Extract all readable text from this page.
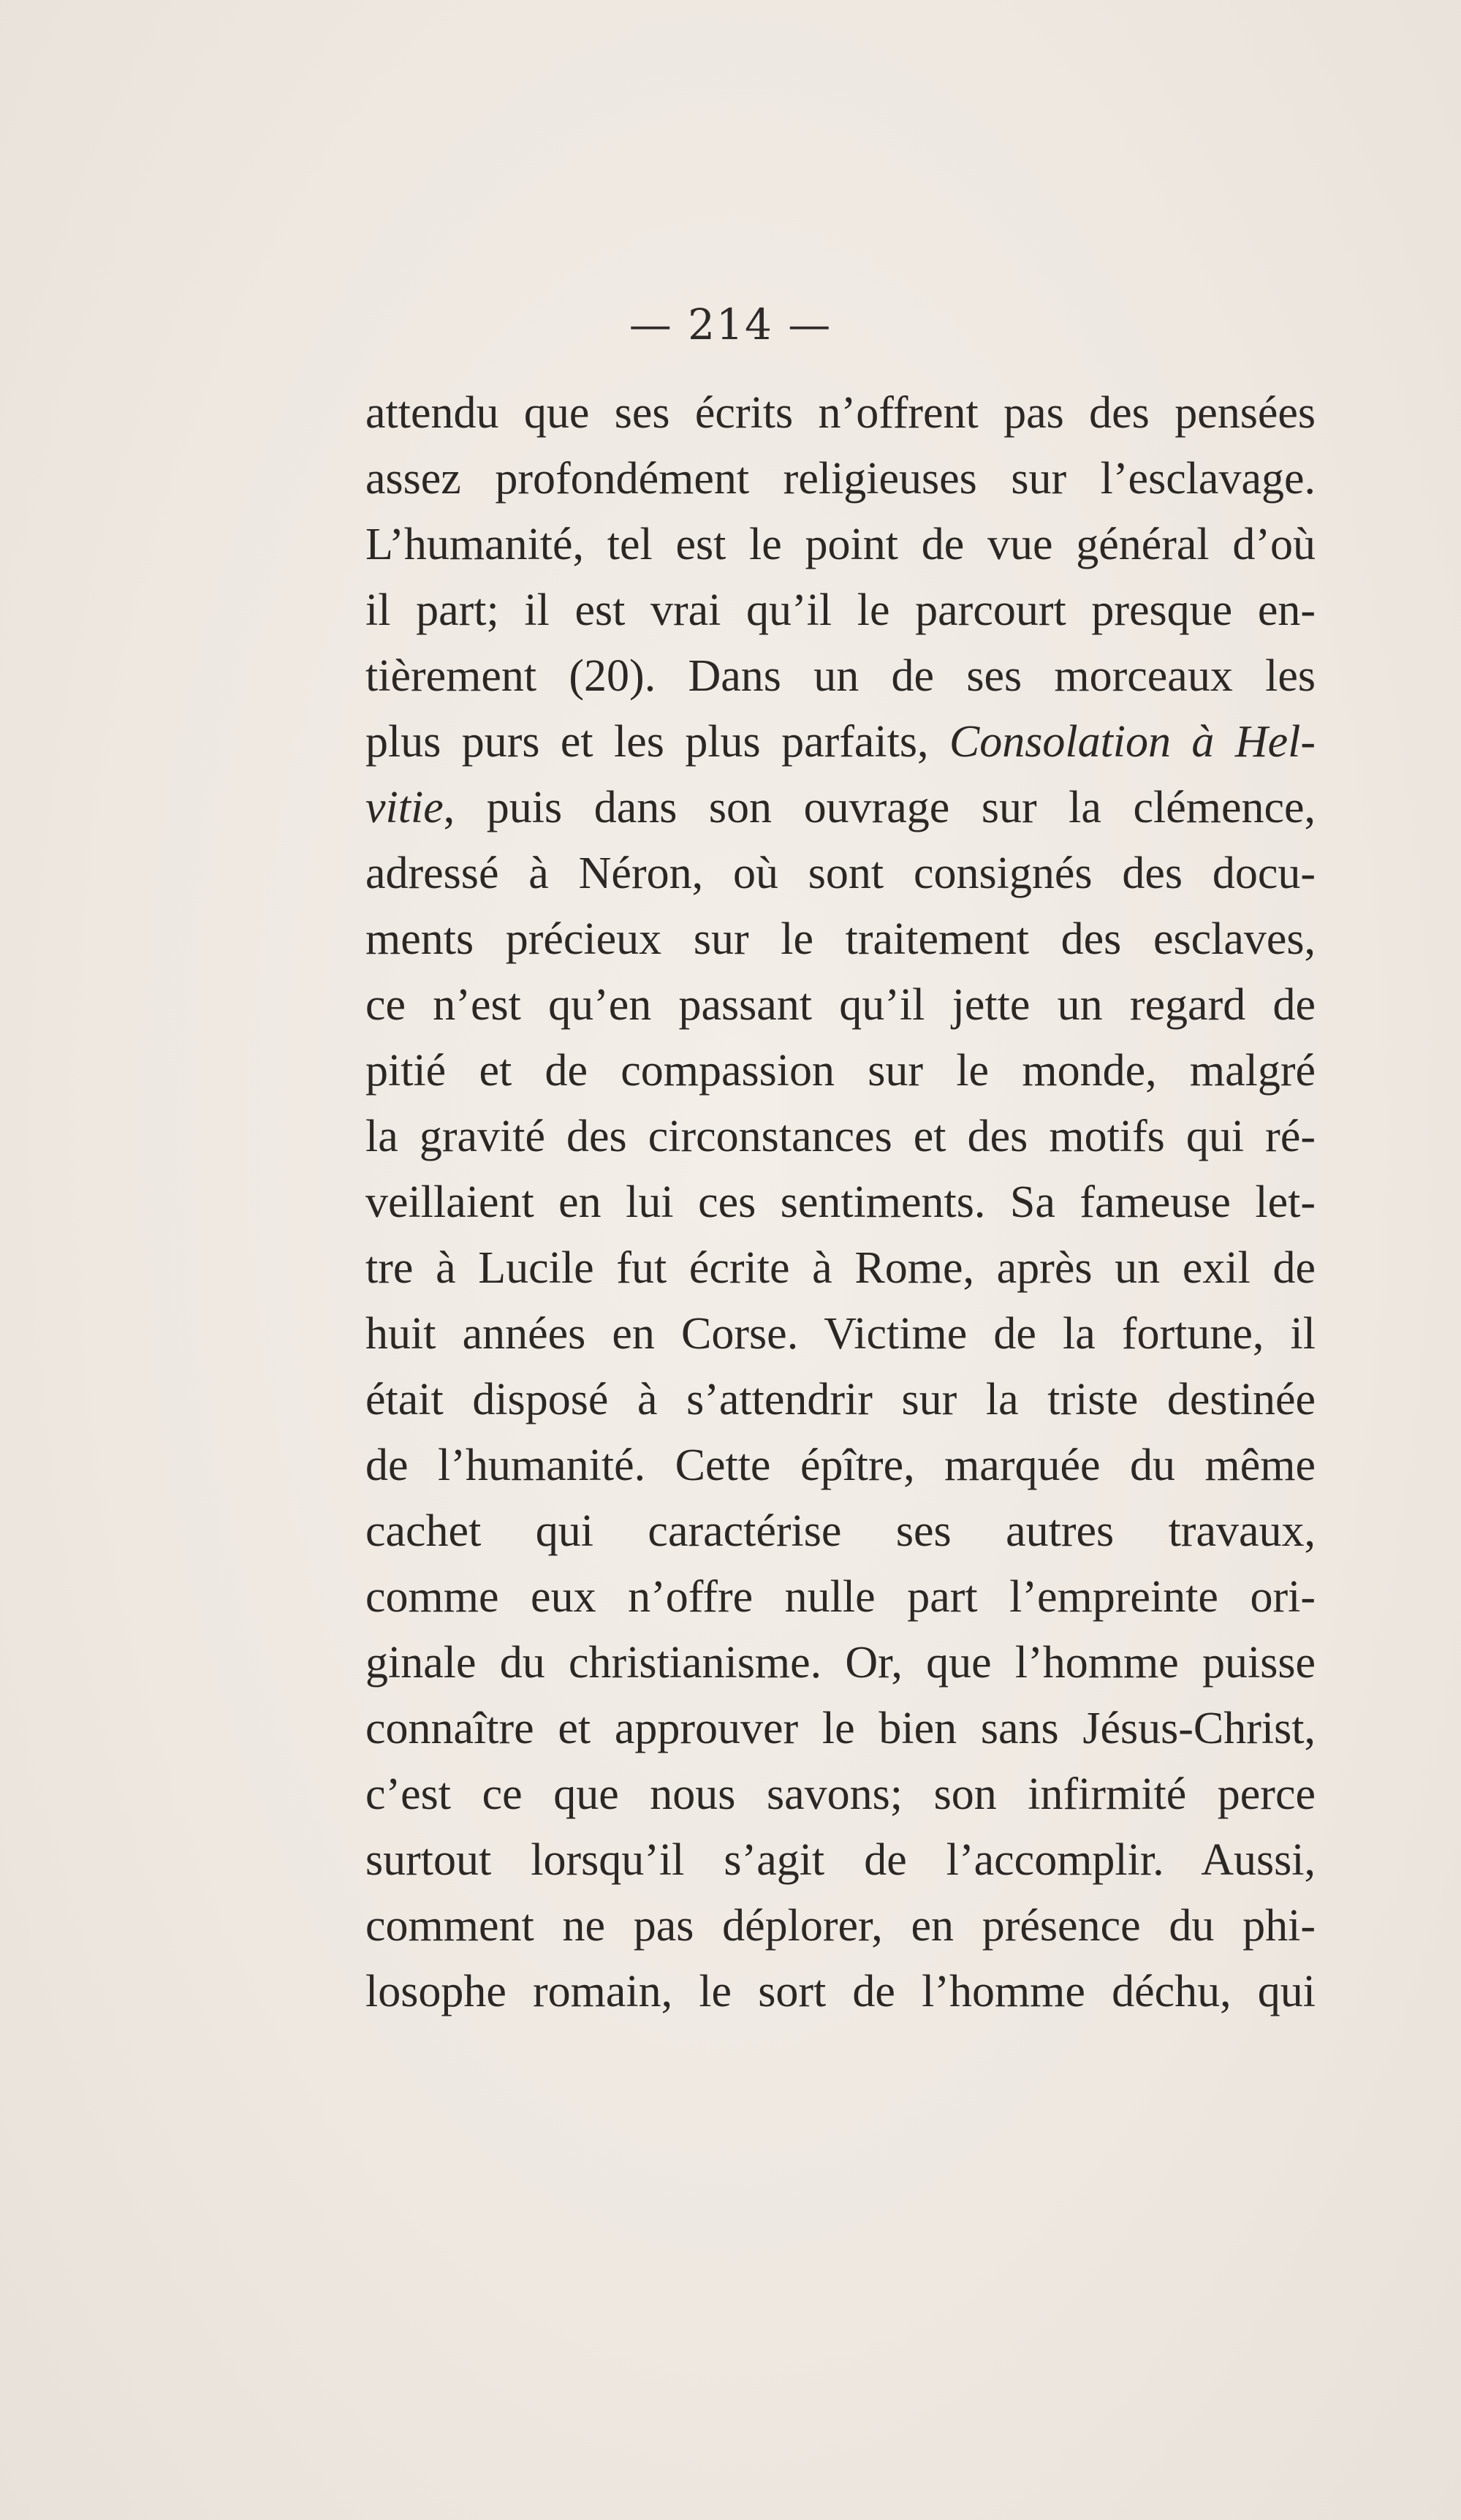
— 214 —
attendu que ses écrits n’offrent pas des pensées
assez profondément religieuses sur l’esclavage.
L’humanité, tel est le point de vue général d’où
il part; il est vrai qu’il le parcourt presque en-
tièrement (20). Dans un de ses morceaux les
plus purs et les plus parfaits, Consolation à Hel-
vitie, puis dans son ouvrage sur la clémence,
adressé à Néron, où sont consignés des docu-
ments précieux sur le traitement des esclaves,
ce n’est qu’en passant qu’il jette un regard de
pitié et de compassion sur le monde, malgré
la gravité des circonstances et des motifs qui ré-
veillaient en lui ces sentiments. Sa fameuse let-
tre à Lucile fut écrite à Rome, après un exil de
huit années en Corse. Victime de la fortune, il
était disposé à s’attendrir sur la triste destinée
de l’humanité. Cette épître, marquée du même
cachet qui caractérise ses autres travaux,
comme eux n’offre nulle part l’empreinte ori-
ginale du christianisme. Or, que l’homme puisse
connaître et approuver le bien sans Jésus-Christ,
c’est ce que nous savons; son infirmité perce
surtout lorsqu’il s’agit de l’accomplir. Aussi,
comment ne pas déplorer, en présence du phi-
losophe romain, le sort de l’homme déchu, qui
